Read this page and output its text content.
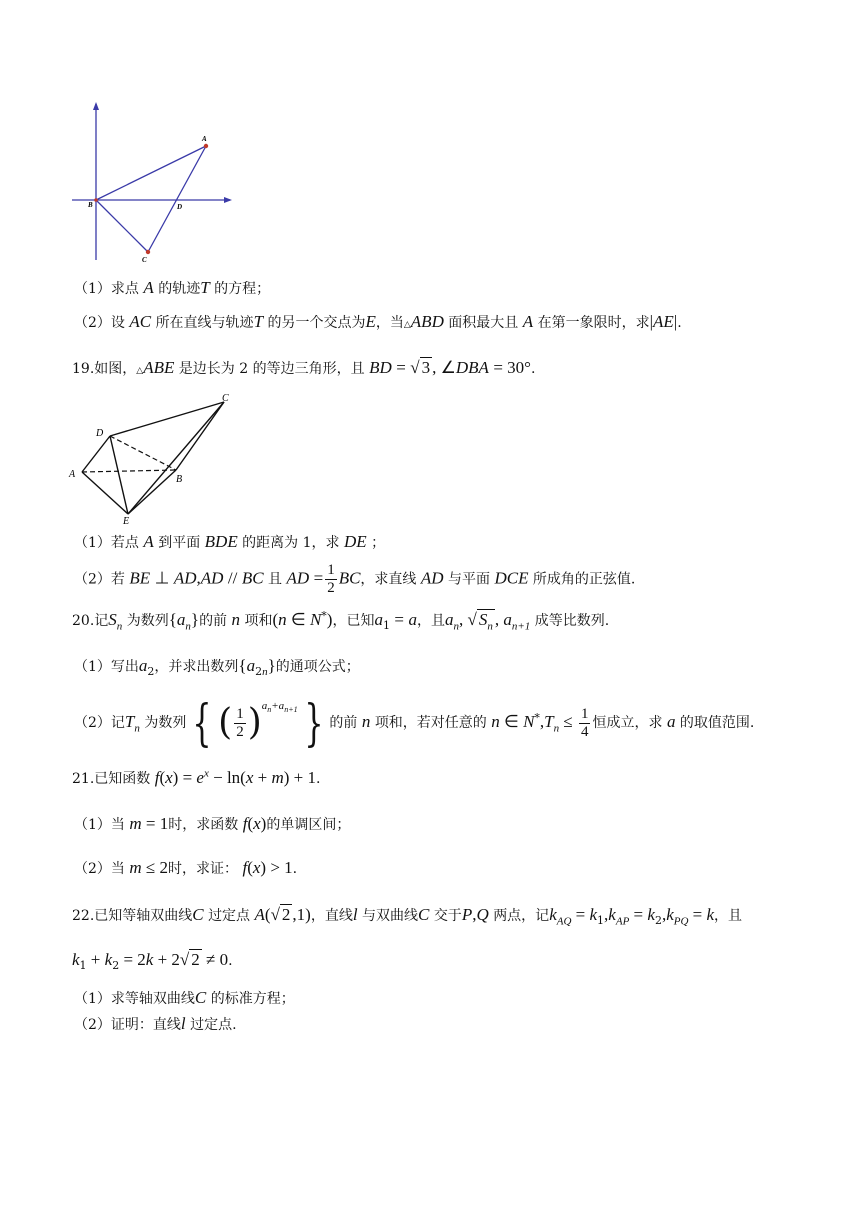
A
B
C
D
（1）求点 A 的轨迹T 的方程；
（2）设 AC 所在直线与轨迹T 的另一个交点为E，当△ABD 面积最大且 A 在第一象限时，求|AE|.
19.如图，△ABE 是边长为 2 的等边三角形，且 BD = √ 3 , ∠DBA = 30°.
A	B
C
D
E
（1）若点 A 到平面 BDE 的距离为 1，求 DE ；
（2）若 BE ⊥ AD,AD // BC 且 AD = $\frac{1}{2}$ BC，求直线 AD 与平面 DCE 所成角的正弦值.
20.记$S_n$ 为数列$\{a_n\}$的前 n 项和(n ∈ N*)，已知$a_1 = a$，且$a_n$, √ $S_n$ , $a_{n+1}$ 成等比数列.
（1）写出$a_2$，并求出数列$\{a_{2n}\}$的通项公式；
（2）记$T_n$ 为数列 { ( $\frac{1}{2} )^{a_n+a_{n+1}}$ } 的前 n 项和，若对任意的 n ∈ $N^*,T_n \le \frac{1}{4}$ 恒成立，求 a 的取值范围.
21.已知函数 $f(x) = e^x - \ln(x + m) + 1$.
（1）当 m = 1时，求函数 f(x)的单调区间；
（2）当 m ≤ 2时，求证： f(x) > 1.
22.已知等轴双曲线C 过定点 A(√ 2 ,1)，直线l 与双曲线C 交于P,Q 两点，记$k_{AQ} = k_1,k_{AP} = k_2,k_{PQ} = k$，且
$k_1 + k_2 = 2k + 2√$ 2 ≠ 0.
（1）求等轴双曲线C 的标准方程；
（2）证明：直线l 过定点.
